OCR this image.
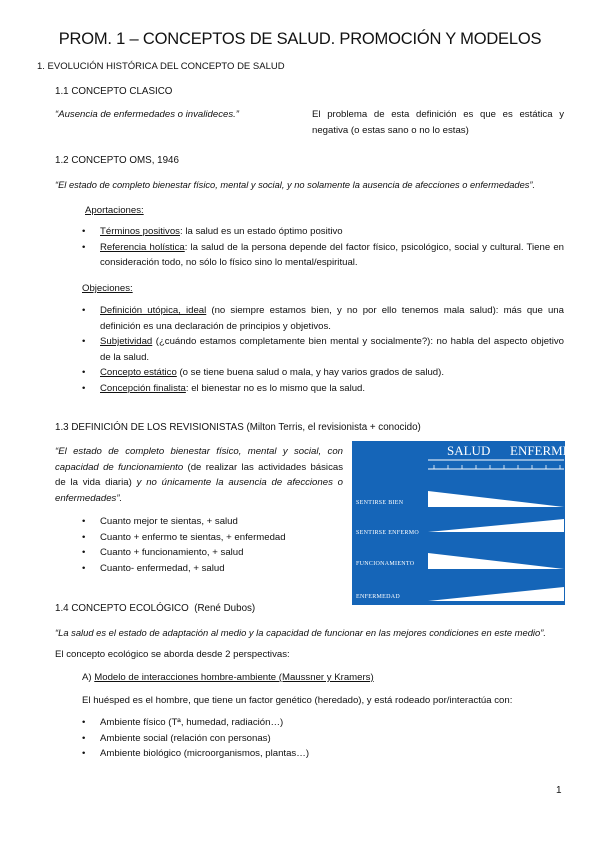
PROM. 1 – CONCEPTOS DE SALUD. PROMOCIÓN Y MODELOS
1. EVOLUCIÓN HISTÓRICA DEL CONCEPTO DE SALUD
1.1 CONCEPTO CLASICO
“Ausencia de enfermedades o invalideces.”	El problema de esta definición es que es estática y
negativa (o estas sano o no lo estas)
1.2 CONCEPTO OMS, 1946
“El estado de completo bienestar físico, mental y social, y no solamente la ausencia de afecciones o enfermedades”.
Aportaciones:
• Términos positivos: la salud es un estado óptimo positivo
• Referencia holística: la salud de la persona depende del factor físico, psicológico, social y cultural. Tiene en consideración todo, no sólo lo físico sino lo mental/espiritual.
Objeciones:
• Definición utópica, ideal (no siempre estamos bien, y no por ello tenemos mala salud): más que una definición es una declaración de principios y objetivos.
• Subjetividad (¿cuándo estamos completamente bien mental y socialmente?): no habla del aspecto objetivo de la salud.
• Concepto estático (o se tiene buena salud o mala, y hay varios grados de salud).
• Concepción finalista: el bienestar no es lo mismo que la salud.
1.3 DEFINICIÓN DE LOS REVISIONISTAS (Milton Terris, el revisionista + conocido)
“El estado de completo bienestar físico, mental y social, con capacidad de funcionamiento (de realizar las actividades básicas de la vida diaria) y no únicamente la ausencia de afecciones o enfermedades”.
• Cuanto mejor te sientas, + salud
• Cuanto + enfermo te sientas, + enfermedad
• Cuanto + funcionamiento, + salud
• Cuanto- enfermedad, + salud
SALUD ENFERMEDAD
SENTIRSE BIEN
SENTIRSE ENFERMO
FUNCIONAMIENTO
ENFERMEDAD
1.4 CONCEPTO ECOLÓGICO  (René Dubos)
“La salud es el estado de adaptación al medio y la capacidad de funcionar en las mejores condiciones en este medio”.
El concepto ecológico se aborda desde 2 perspectivas:
A) Modelo de interacciones hombre-ambiente (Maussner y Kramers)
El huésped es el hombre, que tiene un factor genético (heredado), y está rodeado por/interactúa con:
• Ambiente físico (Tª, humedad, radiación…)
• Ambiente social (relación con personas)
• Ambiente biológico (microorganismos, plantas…)
1
